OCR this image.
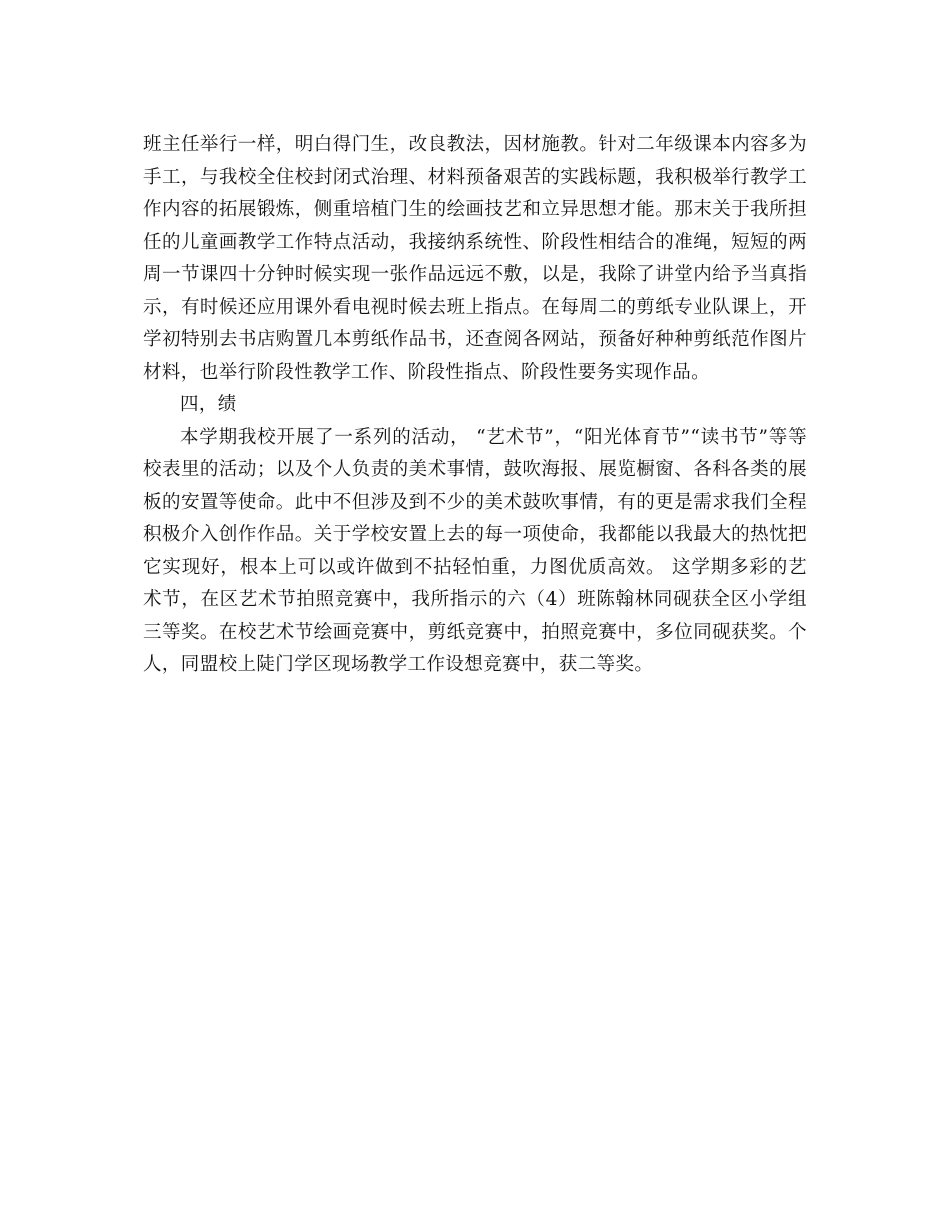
班主任举行一样，明白得门生，改良教法，因材施教。针对二年级课本内容多为手工，与我校全住校封闭式治理、材料预备艰苦的实践标题，我积极举行教学工作内容的拓展锻炼，侧重培植门生的绘画技艺和立异思想才能。那末关于我所担任的儿童画教学工作特点活动，我接纳系统性、阶段性相结合的准绳，短短的两周一节课四十分钟时候实现一张作品远远不敷，以是，我除了讲堂内给予当真指示，有时候还应用课外看电视时候去班上指点。在每周二的剪纸专业队课上，开学初特别去书店购置几本剪纸作品书，还查阅各网站，预备好种种剪纸范作图片材料，也举行阶段性教学工作、阶段性指点、阶段性要务实现作品。

四，绩

本学期我校开展了一系列的活动， “艺术节”，“阳光体育节”“读书节”等等校表里的活动；以及个人负责的美术事情，鼓吹海报、展览橱窗、各科各类的展板的安置等使命。此中不但涉及到不少的美术鼓吹事情，有的更是需求我们全程积极介入创作作品。关于学校安置上去的每一项使命，我都能以我最大的热忱把它实现好，根本上可以或许做到不拈轻怕重，力图优质高效。 这学期多彩的艺术节，在区艺术节拍照竞赛中，我所指示的六（4）班陈翰林同砚获全区小学组三等奖。在校艺术节绘画竞赛中，剪纸竞赛中，拍照竞赛中，多位同砚获奖。个人，同盟校上陡门学区现场教学工作设想竞赛中，获二等奖。
